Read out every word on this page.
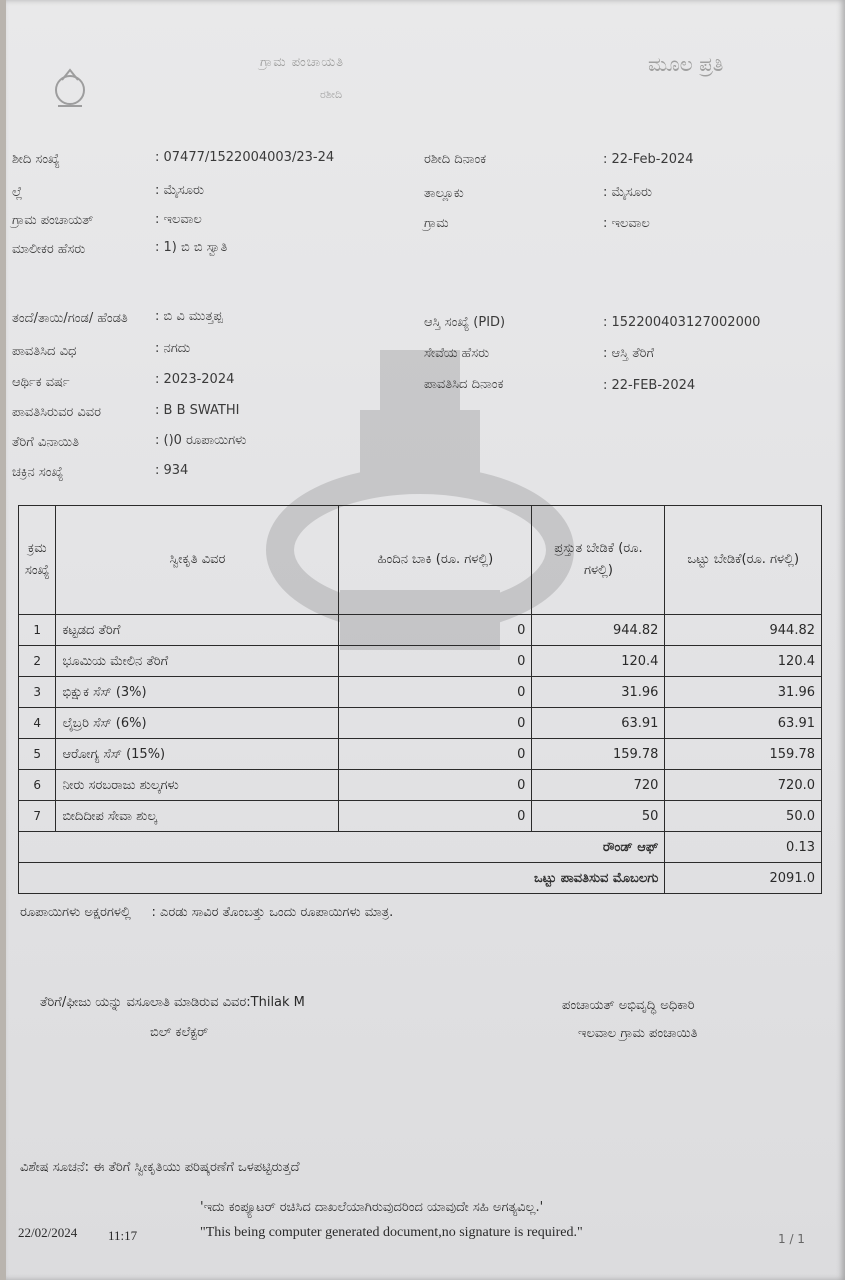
ಗ್ರಾಮ ಪಂಚಾಯತಿ
ರಶೀದಿ
ಮೂಲ ಪ್ರತಿ
ಶೀದಿ ಸಂಖ್ಯೆ	: 07477/1522004003/23-24	ರಶೀದಿ ದಿನಾಂಕ	: 22-Feb-2024
ಲ್ಲೆ	: ಮೈಸೂರು	ತಾಲ್ಲೂಕು	: ಮೈಸೂರು
ಗ್ರಾಮ ಪಂಚಾಯತ್	: ಇಲವಾಲ	ಗ್ರಾಮ	: ಇಲವಾಲ
ಮಾಲೀಕರ ಹೆಸರು	: 1) ಬಿ ಬಿ ಸ್ವಾತಿ
ತಂದೆ/ತಾಯಿ/ಗಂಡ/ ಹೆಂಡತಿ : ಬಿ ವಿ ಮುತ್ತಪ್ಪ	ಆಸ್ತಿ ಸಂಖ್ಯೆ (PID)	: 152200403127002000
ಪಾವತಿಸಿದ ವಿಧ	: ನಗದು	ಸೇವೆಯ ಹೆಸರು	: ಆಸ್ತಿ ತೆರಿಗೆ
ಆರ್ಥಿಕ ವರ್ಷ	: 2023-2024	ಪಾವತಿಸಿದ ದಿನಾಂಕ	: 22-FEB-2024
ಪಾವತಿಸಿರುವರ ವಿವರ	: B B SWATHI
ತೆರಿಗೆ ವಿನಾಯಿತಿ	: ()0 ರೂಪಾಯಿಗಳು
ಚಕ್ರಿನ ಸಂಖ್ಯೆ	: 934
ಕ್ರಮ ಸಂಖ್ಯೆ	ಸ್ವೀಕೃತಿ ವಿವರ	ಹಿಂದಿನ ಬಾಕಿ (ರೂ. ಗಳಲ್ಲಿ)	ಪ್ರಸ್ತುತ ಬೇಡಿಕೆ (ರೂ. ಗಳಲ್ಲಿ)	ಒಟ್ಟು ಬೇಡಿಕೆ(ರೂ. ಗಳಲ್ಲಿ)
1	ಕಟ್ಟಡದ ತೆರಿಗೆ	0	944.82	944.82
2	ಭೂಮಿಯ ಮೇಲಿನ ತೆರಿಗೆ	0	120.4	120.4
3	ಭಿಕ್ಷುಕ ಸೆಸ್ (3%)	0	31.96	31.96
4	ಲೈಬ್ರರಿ ಸೆಸ್ (6%)	0	63.91	63.91
5	ಆರೋಗ್ಯ ಸೆಸ್ (15%)	0	159.78	159.78
6	ನೀರು ಸರಬರಾಜು ಶುಲ್ಕಗಳು	0	720	720.0
7	ಬೀದಿದೀಪ ಸೇವಾ ಶುಲ್ಕ	0	50	50.0
ರೌಂಡ್ ಆಫ್				0.13
ಒಟ್ಟು ಪಾವತಿಸುವ ಮೊಬಲಗು				2091.0
ರೂಪಾಯಿಗಳು ಅಕ್ಷರಗಳಲ್ಲಿ : ಎರಡು ಸಾವಿರ ತೊಂಬತ್ತು ಒಂದು ರೂಪಾಯಿಗಳು ಮಾತ್ರ.
ತೆರಿಗೆ/ಫೀಜು ಯನ್ನು ವಸೂಲಾತಿ ಮಾಡಿರುವ ವಿವರ:Thilak M
ಬಿಲ್ ಕಲೆಕ್ಟರ್
ಪಂಚಾಯತ್ ಅಭಿವೃದ್ಧಿ ಅಧಿಕಾರಿ
ಇಲವಾಲ ಗ್ರಾಮ ಪಂಚಾಯಿತಿ
ವಿಶೇಷ ಸೂಚನೆ: ಈ ತೆರಿಗೆ ಸ್ವೀಕೃತಿಯು ಪರಿಷ್ಕರಣೆಗೆ ಒಳಪಟ್ಟಿರುತ್ತದೆ
'ಇದು ಕಂಪ್ಯೂಟರ್ ರಚಿಸಿದ ದಾಖಲೆಯಾಗಿರುವುದರಿಂದ ಯಾವುದೇ ಸಹಿ ಅಗತ್ಯವಿಲ್ಲ.'
"This being computer generated document,no signature is required."
22/02/2024 11:17	1 / 1
